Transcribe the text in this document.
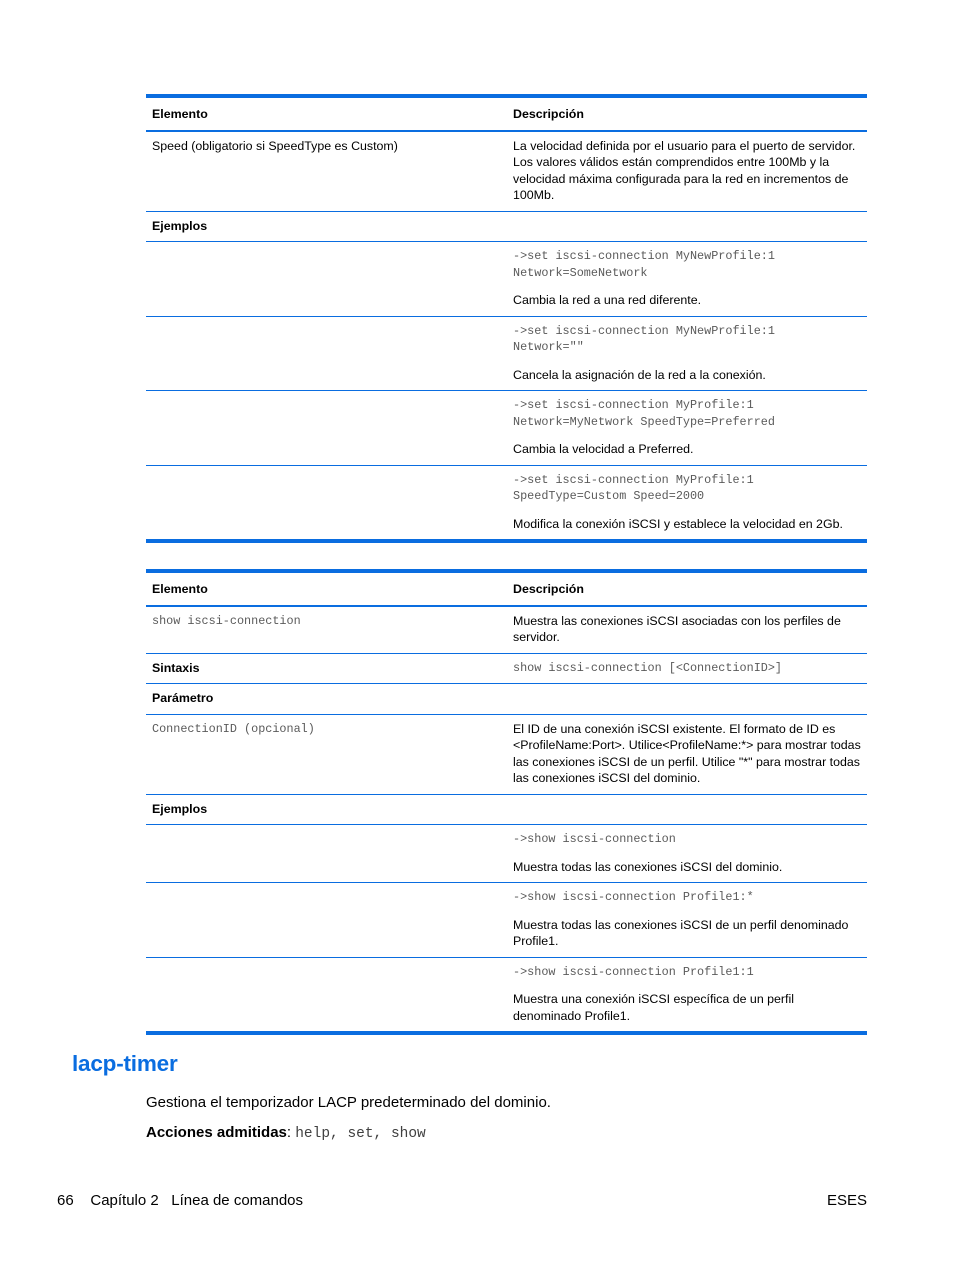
Elemento	Descripción
Speed (obligatorio si SpeedType es Custom)	La velocidad definida por el usuario para el puerto de servidor. Los valores válidos están comprendidos entre 100Mb y la velocidad máxima configurada para la red en incrementos de 100Mb.
Ejemplos	

	->set iscsi-connection MyNewProfile:1
Network=SomeNetwork
Cambia la red a una red diferente.

	->set iscsi-connection MyNewProfile:1
Network=""
Cancela la asignación de la red a la conexión.

	->set iscsi-connection MyProfile:1
Network=MyNetwork SpeedType=Preferred
Cambia la velocidad a Preferred.

	->set iscsi-connection MyProfile:1
SpeedType=Custom Speed=2000
Modifica la conexión iSCSI y establece la velocidad en 2Gb.
Elemento	Descripción
show iscsi-connection	Muestra las conexiones iSCSI asociadas con los perfiles de servidor.
Sintaxis	show iscsi-connection [<ConnectionID>]
Parámetro	
ConnectionID (opcional)	El ID de una conexión iSCSI existente. El formato de ID es <ProfileName:Port>. Utilice<ProfileName:*> para mostrar todas las conexiones iSCSI de un perfil. Utilice "*" para mostrar todas las conexiones iSCSI del dominio.
Ejemplos	

	->show iscsi-connection
Muestra todas las conexiones iSCSI del dominio.

	->show iscsi-connection Profile1:*
Muestra todas las conexiones iSCSI de un perfil denominado Profile1.

	->show iscsi-connection Profile1:1
Muestra una conexión iSCSI específica de un perfil denominado Profile1.
lacp-timer

Gestiona el temporizador LACP predeterminado del dominio.

Acciones admitidas: help, set, show

66 Capítulo 2 Línea de comandos	ESES
